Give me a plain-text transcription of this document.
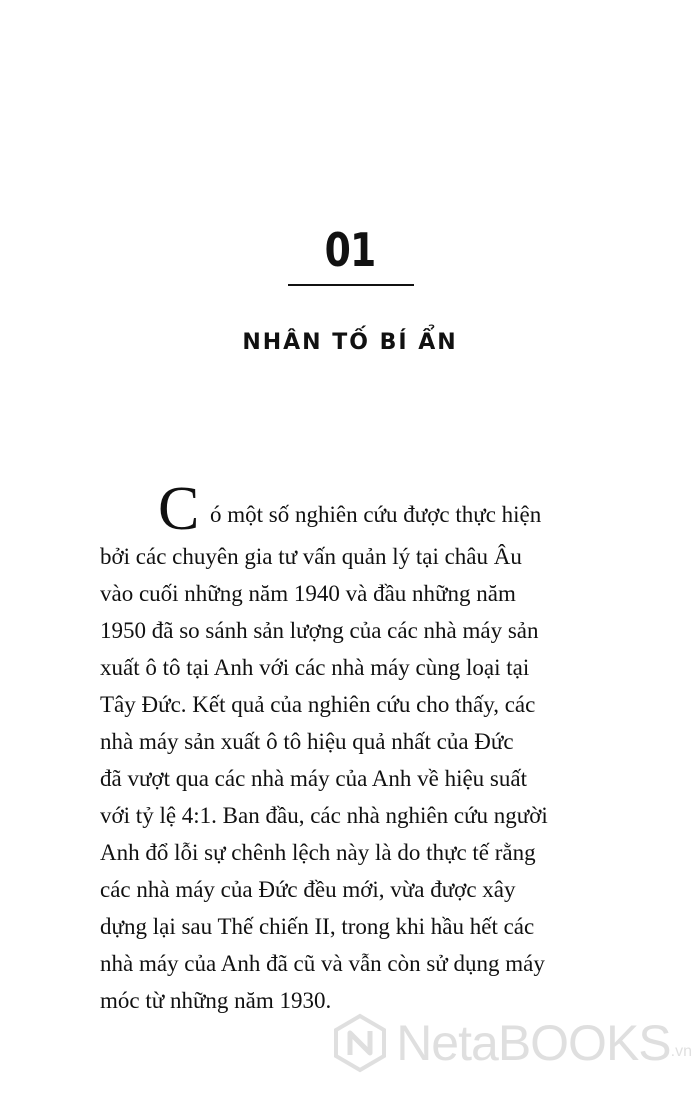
01
NHÂN TỐ BÍ ẨN
C ó một số nghiên cứu được thực hiện
bởi các chuyên gia tư vấn quản lý tại châu Âu
vào cuối những năm 1940 và đầu những năm
1950 đã so sánh sản lượng của các nhà máy sản
xuất ô tô tại Anh với các nhà máy cùng loại tại
Tây Đức. Kết quả của nghiên cứu cho thấy, các
nhà máy sản xuất ô tô hiệu quả nhất của Đức
đã vượt qua các nhà máy của Anh về hiệu suất
với tỷ lệ 4:1. Ban đầu, các nhà nghiên cứu người
Anh đổ lỗi sự chênh lệch này là do thực tế rằng
các nhà máy của Đức đều mới, vừa được xây
dựng lại sau Thế chiến II, trong khi hầu hết các
nhà máy của Anh đã cũ và vẫn còn sử dụng máy
móc từ những năm 1930.
NetaBOOKS .vn
